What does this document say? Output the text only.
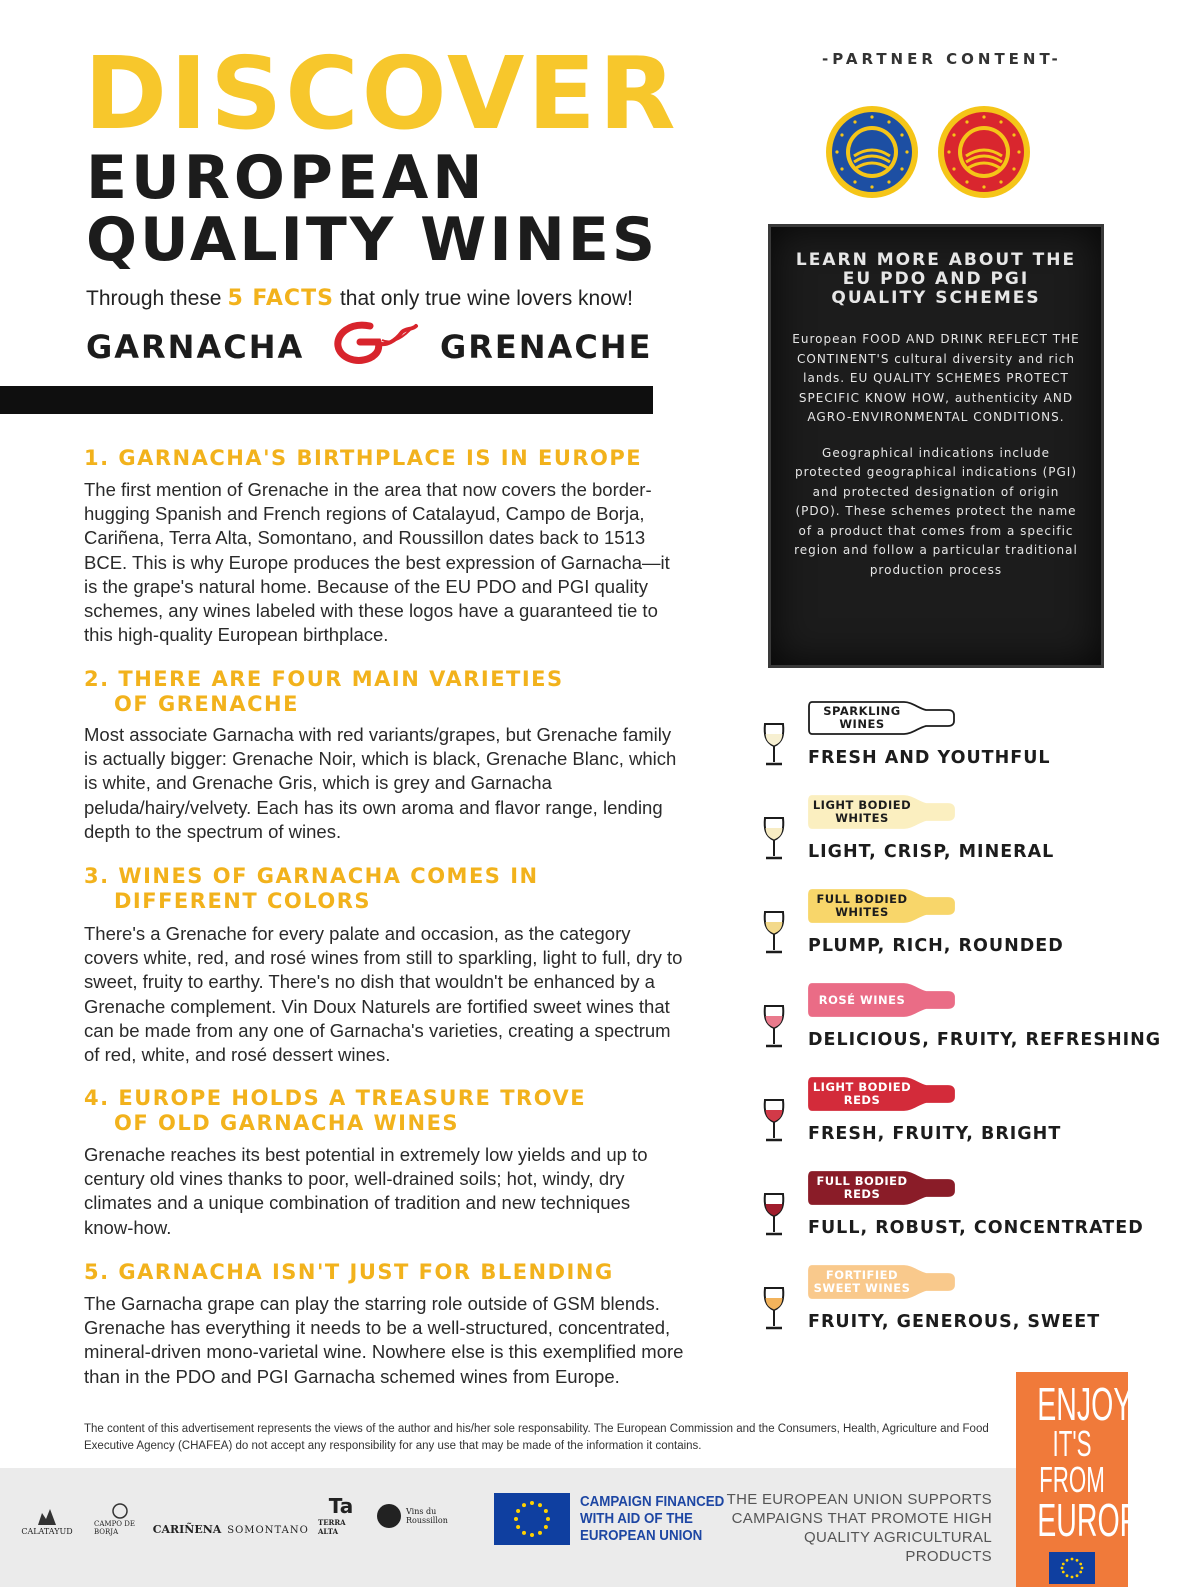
DISCOVER
EUROPEAN
QUALITY WINES
Through these 5 FACTS that only true wine lovers know!
GARNACHA	GRENACHE
-PARTNER CONTENT-
LEARN MORE ABOUT THE EU PDO AND PGI QUALITY SCHEMES
European FOOD AND DRINK REFLECT THE CONTINENT'S cultural diversity and rich lands. EU QUALITY SCHEMES PROTECT SPECIFIC KNOW HOW, authenticity AND AGRO-ENVIRONMENTAL CONDITIONS.
Geographical indications include protected geographical indications (PGI) and protected designation of origin (PDO). These schemes protect the name of a product that comes from a specific region and follow a particular traditional production process
1. GARNACHA'S BIRTHPLACE IS IN EUROPE
The first mention of Grenache in the area that now covers the border-hugging Spanish and French regions of Catalayud, Campo de Borja, Cariñena, Terra Alta, Somontano, and Roussillon dates back to 1513 BCE. This is why Europe produces the best expression of Garnacha—it is the grape's natural home. Because of the EU PDO and PGI quality schemes, any wines labeled with these logos have a guaranteed tie to this high-quality European birthplace.
2. THERE ARE FOUR MAIN VARIETIES
OF GRENACHE
Most associate Garnacha with red variants/grapes, but Grenache family is actually bigger: Grenache Noir, which is black, Grenache Blanc, which is white, and Grenache Gris, which is grey and Garnacha peluda/hairy/velvety. Each has its own aroma and flavor range, lending depth to the spectrum of wines.
3. WINES OF GARNACHA COMES IN
DIFFERENT COLORS
There's a Grenache for every palate and occasion, as the category covers white, red, and rosé wines from still to sparkling, light to full, dry to sweet, fruity to earthy. There's no dish that wouldn't be enhanced by a Grenache complement. Vin Doux Naturels are fortified sweet wines that can be made from any one of Garnacha's varieties, creating a spectrum of red, white, and rosé dessert wines.
4. EUROPE HOLDS A TREASURE TROVE
OF OLD GARNACHA WINES
Grenache reaches its best potential in extremely low yields and up to century old vines thanks to poor, well-drained soils; hot, windy, dry climates and a unique combination of tradition and new techniques know-how.
5. GARNACHA ISN'T JUST FOR BLENDING
The Garnacha grape can play the starring role outside of GSM blends. Grenache has everything it needs to be a well-structured, concentrated, mineral-driven mono-varietal wine. Nowhere else is this exemplified more than in the PDO and PGI Garnacha schemed wines from Europe.
SPARKLING WINES
FRESH AND YOUTHFUL
LIGHT BODIED WHITES
LIGHT, CRISP, MINERAL
FULL BODIED WHITES
PLUMP, RICH, ROUNDED
ROSÉ WINES
DELICIOUS, FRUITY, REFRESHING
LIGHT BODIED REDS
FRESH, FRUITY, BRIGHT
FULL BODIED REDS
FULL, ROBUST, CONCENTRATED
FORTIFIED SWEET WINES
FRUITY, GENEROUS, SWEET
ENJOY
IT'S FROM
EUROPE
The content of this advertisement represents the views of the author and his/her sole responsability. The European Commission and the Consumers, Health, Agriculture and Food Executive Agency (CHAFEA) do not accept any responsibility for any use that may be made of the information it contains.
CALATAYUD
CAMPO DE BORJA	CARIÑENA SOMONTANO
Ta
TERRA ALTA
Vins du Roussillon
CAMPAIGN FINANCED
WITH AID OF THE
EUROPEAN UNION
THE EUROPEAN UNION SUPPORTS
CAMPAIGNS THAT PROMOTE HIGH
QUALITY AGRICULTURAL PRODUCTS
